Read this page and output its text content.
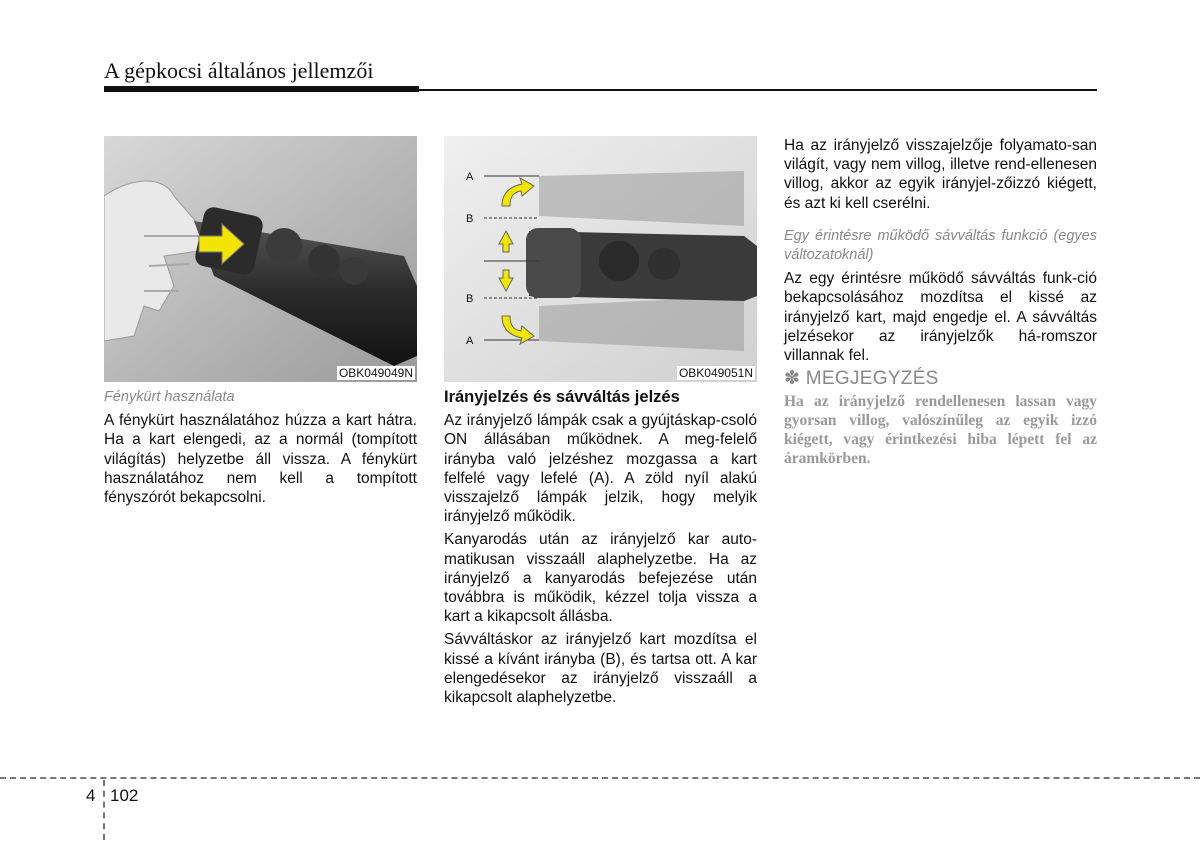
A gépkocsi általános jellemzői
OBK049049N
A
B
B
A
OBK049051N

Fénykürt használata

A fénykürt használatához húzza a kart hátra. Ha a kart elengedi, az a normál (tompított világítás) helyzetbe áll vissza. A fénykürt használatához nem kell a tompított fényszórót bekapcsolni.

Irányjelzés és sávváltás jelzés

Az irányjelző lámpák csak a gyújtáskap-csoló ON állásában működnek. A meg-felelő irányba való jelzéshez mozgassa a kart felfelé vagy lefelé (A). A zöld nyíl alakú visszajelző lámpák jelzik, hogy melyik irányjelző működik.

Kanyarodás után az irányjelző kar auto-matikusan visszaáll alaphelyzetbe. Ha az irányjelző a kanyarodás befejezése után továbbra is működik, kézzel tolja vissza a kart a kikapcsolt állásba.

Sávváltáskor az irányjelző kart mozdítsa el kissé a kívánt irányba (B), és tartsa ott. A kar elengedésekor az irányjelző visszaáll a kikapcsolt alaphelyzetbe.

Ha az irányjelző visszajelzője folyamato-san világít, vagy nem villog, illetve rend-ellenesen villog, akkor az egyik irányjel-zőizzó kiégett, és azt ki kell cserélni.

Egy érintésre működő sávváltás funkció (egyes változatoknál)

Az egy érintésre működő sávváltás funk-ció bekapcsolásához mozdítsa el kissé az irányjelző kart, majd engedje el. A sávváltás jelzésekor az irányjelzők há-romszor villannak fel.

✽ MEGJEGYZÉS

Ha az irányjelző rendellenesen lassan vagy gyorsan villog, valószínűleg az egyik izzó kiégett, vagy érintkezési hiba lépett fel az áramkörben.

4 102
